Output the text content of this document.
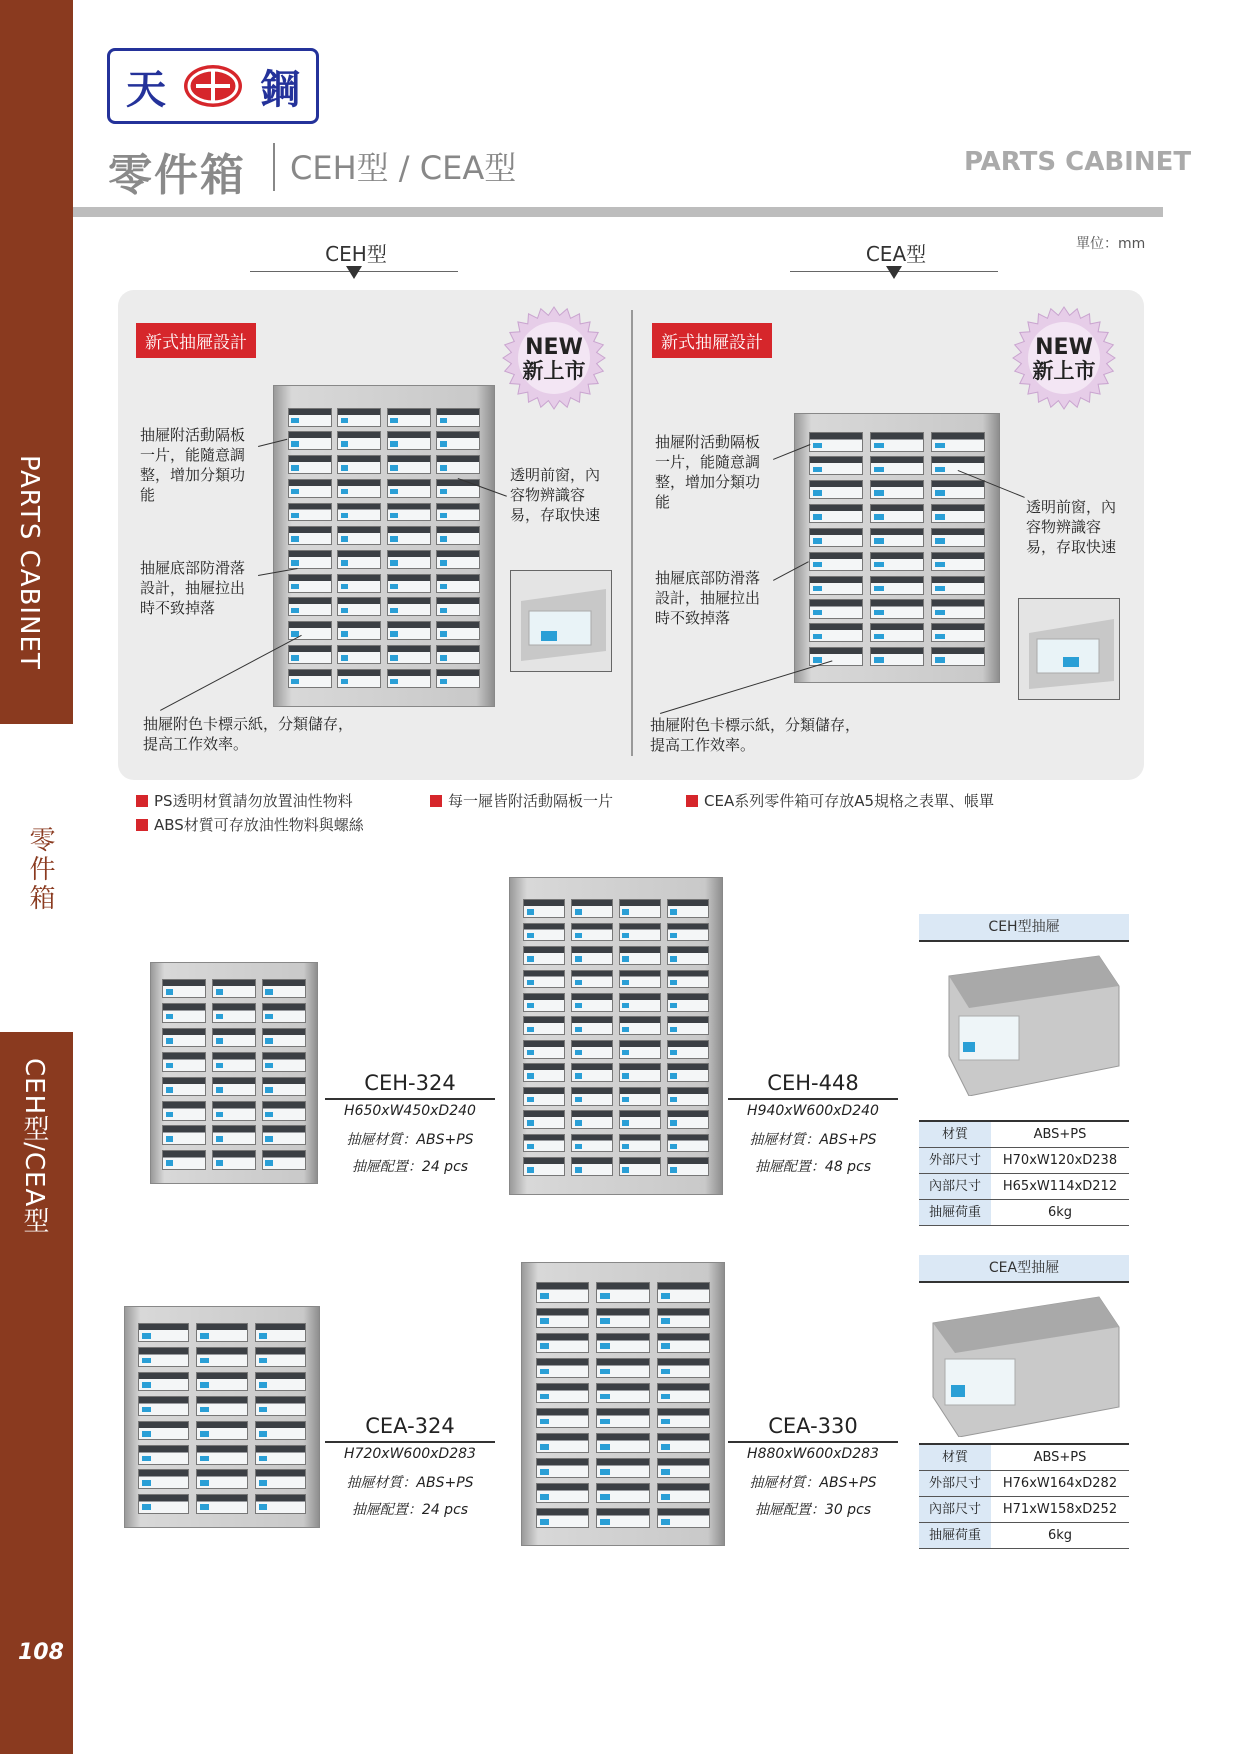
PARTS CABINET
零件箱
CEH型/CEA型
108
天 鋼
零件箱 CEH型 / CEA型	PARTS CABINET
單位：mm
CEH型	CEA型
新式抽屜設計	NEW
新上市
抽屜附活動隔板一片，能隨意調整，增加分類功能
透明前窗，內容物辨識容易，存取快速
抽屜底部防滑落設計，抽屜拉出時不致掉落
抽屜附色卡標示紙，分類儲存，提高工作效率。
新式抽屜設計	NEW
新上市
抽屜附活動隔板一片，能隨意調整，增加分類功能	透明前窗，內容物辨識容易，存取快速
抽屜底部防滑落設計，抽屜拉出時不致掉落
抽屜附色卡標示紙，分類儲存，提高工作效率。
PS透明材質請勿放置油性物料	每一屜皆附活動隔板一片	CEA系列零件箱可存放A5規格之表單、帳單
ABS材質可存放油性物料與螺絲
CEH-324
H650xW450xD240
抽屜材質：ABS+PS
抽屜配置：24 pcs
CEH-448
H940xW600xD240
抽屜材質：ABS+PS
抽屜配置：48 pcs
CEA-324
H720xW600xD283
抽屜材質：ABS+PS
抽屜配置：24 pcs
CEA-330
H880xW600xD283
抽屜材質：ABS+PS
抽屜配置：30 pcs
CEH型抽屜
材質	ABS+PS
外部尺寸	H70xW120xD238
內部尺寸	H65xW114xD212
抽屜荷重	6kg
CEA型抽屜
材質	ABS+PS
外部尺寸	H76xW164xD282
內部尺寸	H71xW158xD252
抽屜荷重	6kg
